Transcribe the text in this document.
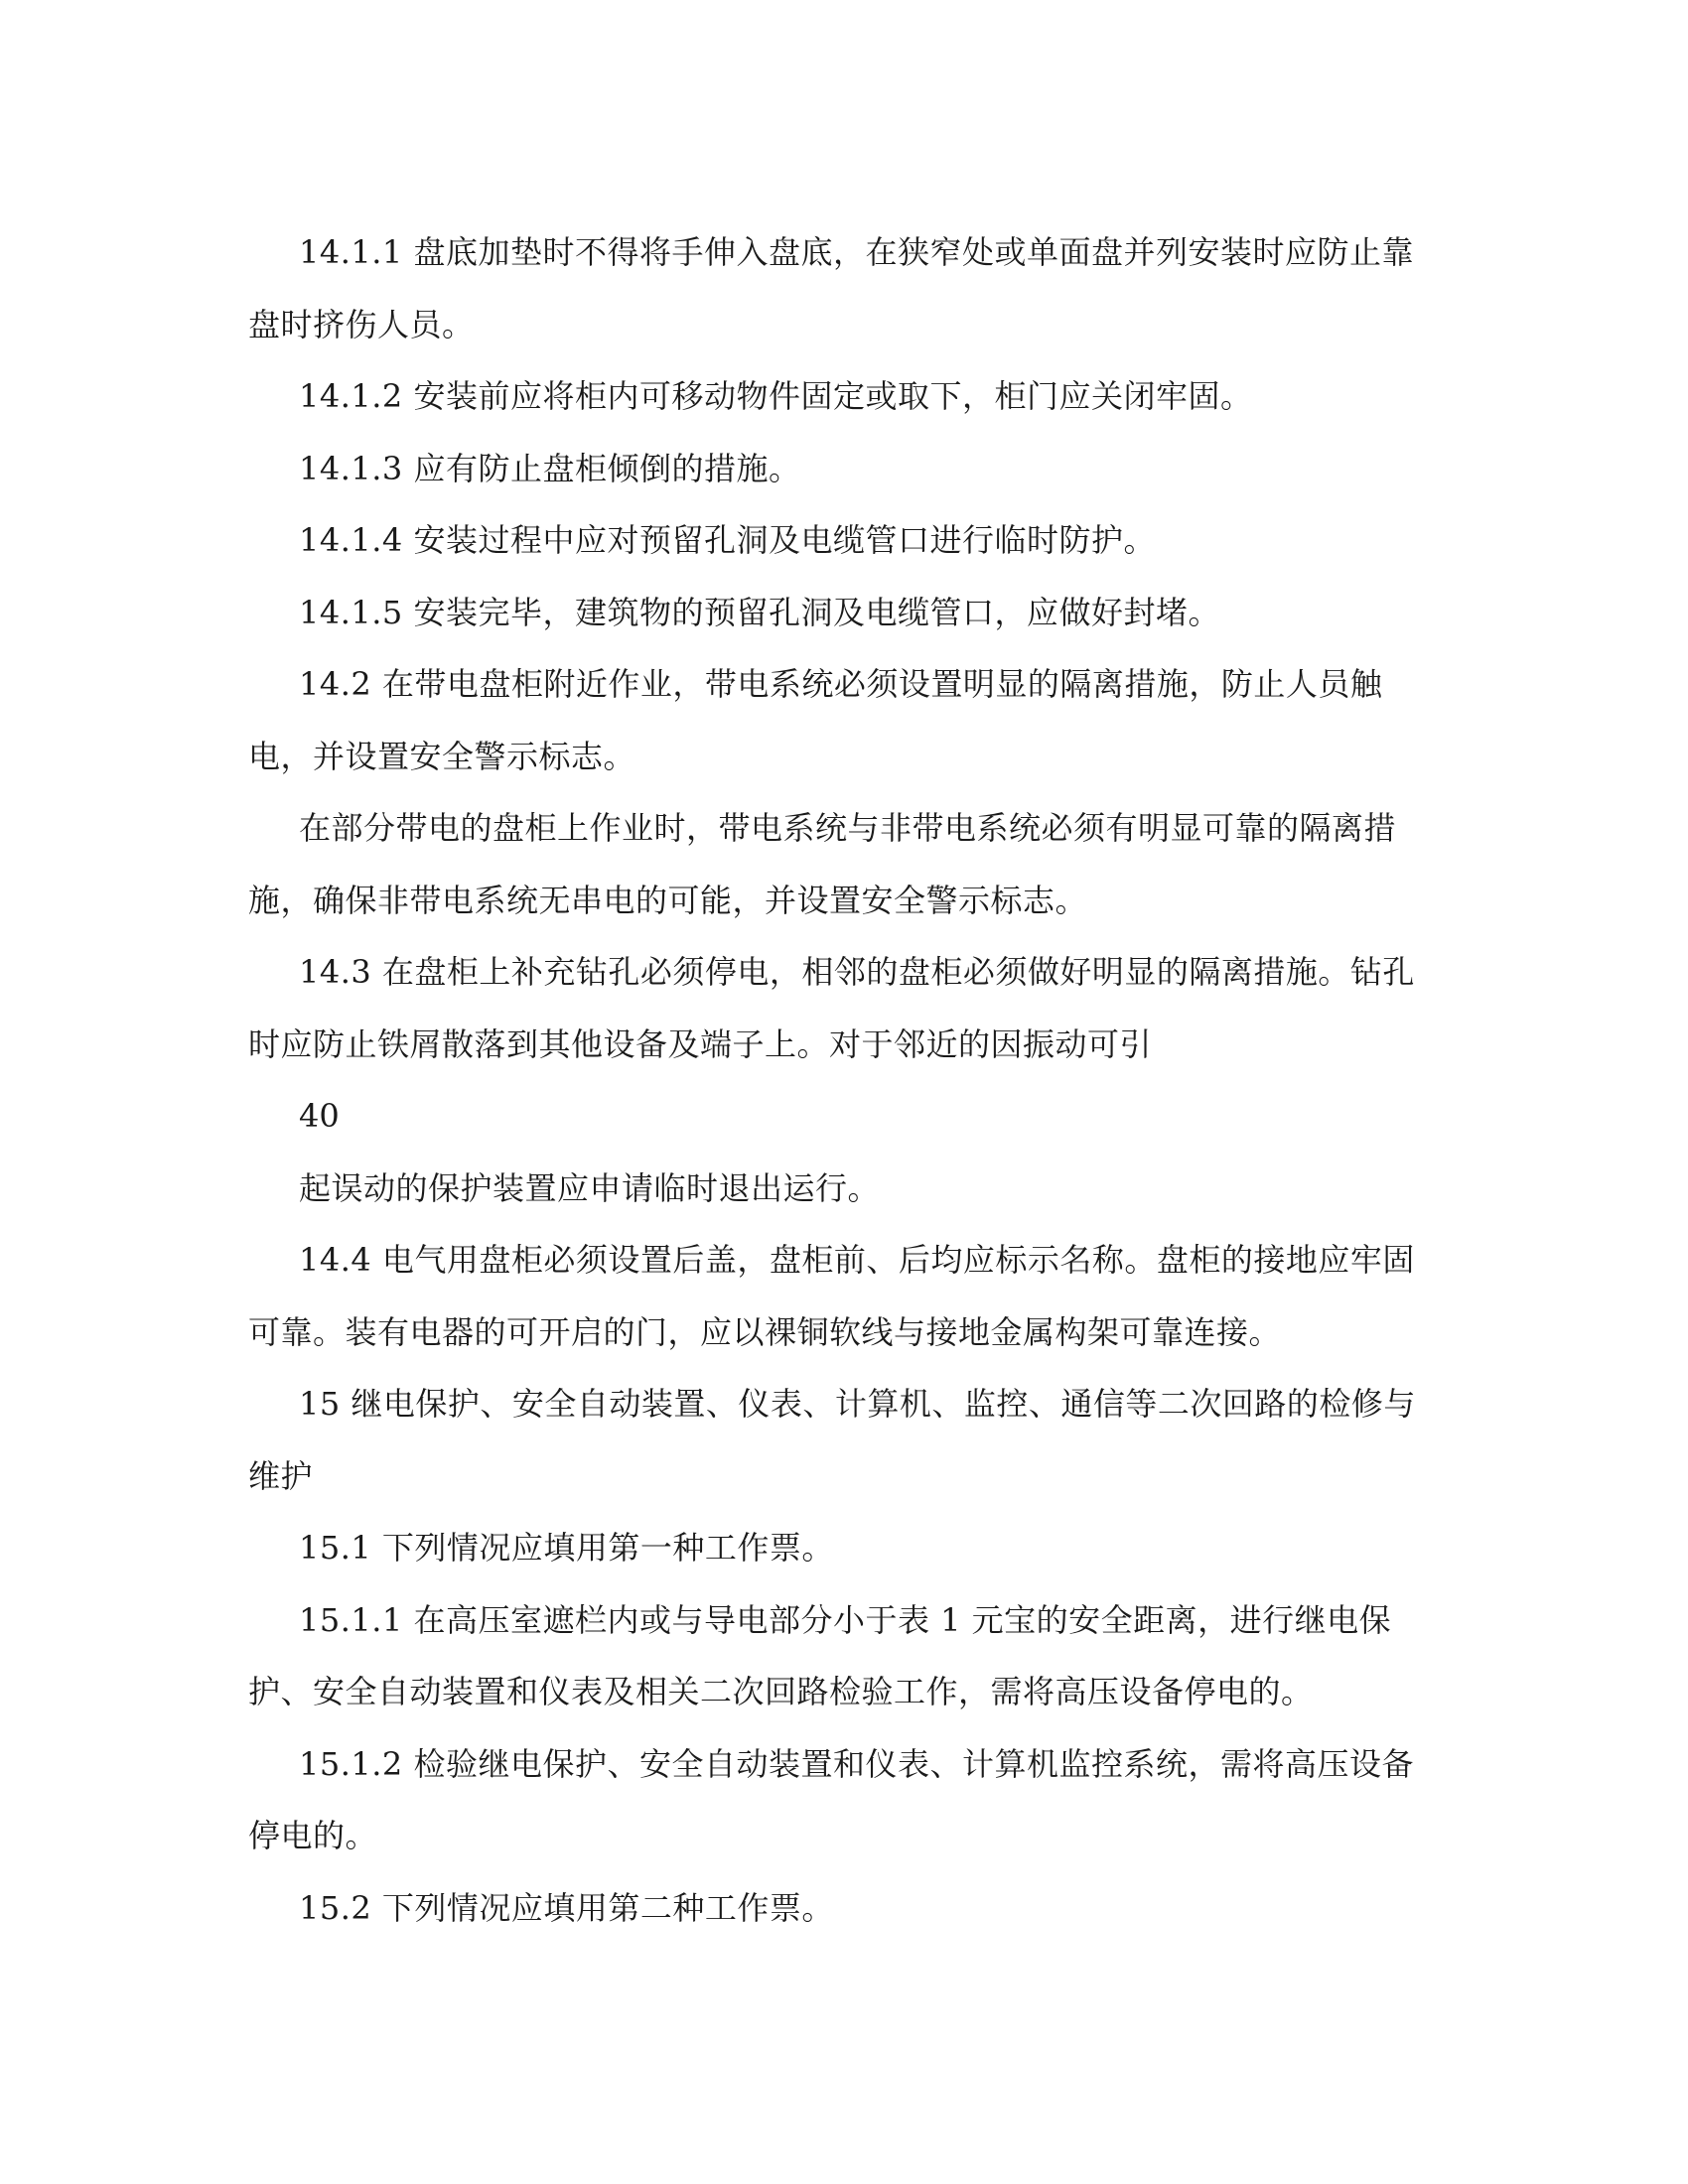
14.1.1 盘底加垫时不得将手伸入盘底，在狭窄处或单面盘并列安装时应防止靠盘时挤伤人员。

14.1.2 安装前应将柜内可移动物件固定或取下，柜门应关闭牢固。

14.1.3 应有防止盘柜倾倒的措施。

14.1.4 安装过程中应对预留孔洞及电缆管口进行临时防护。

14.1.5 安装完毕，建筑物的预留孔洞及电缆管口，应做好封堵。

14.2 在带电盘柜附近作业，带电系统必须设置明显的隔离措施，防止人员触电，并设置安全警示标志。

在部分带电的盘柜上作业时，带电系统与非带电系统必须有明显可靠的隔离措施，确保非带电系统无串电的可能，并设置安全警示标志。

14.3 在盘柜上补充钻孔必须停电，相邻的盘柜必须做好明显的隔离措施。钻孔时应防止铁屑散落到其他设备及端子上。对于邻近的因振动可引

40

起误动的保护装置应申请临时退出运行。

14.4 电气用盘柜必须设置后盖，盘柜前、后均应标示名称。盘柜的接地应牢固可靠。装有电器的可开启的门，应以裸铜软线与接地金属构架可靠连接。

15 继电保护、安全自动装置、仪表、计算机、监控、通信等二次回路的检修与维护

15.1 下列情况应填用第一种工作票。

15.1.1 在高压室遮栏内或与导电部分小于表 1 元宝的安全距离，进行继电保护、安全自动装置和仪表及相关二次回路检验工作，需将高压设备停电的。

15.1.2 检验继电保护、安全自动装置和仪表、计算机监控系统，需将高压设备停电的。

15.2 下列情况应填用第二种工作票。
